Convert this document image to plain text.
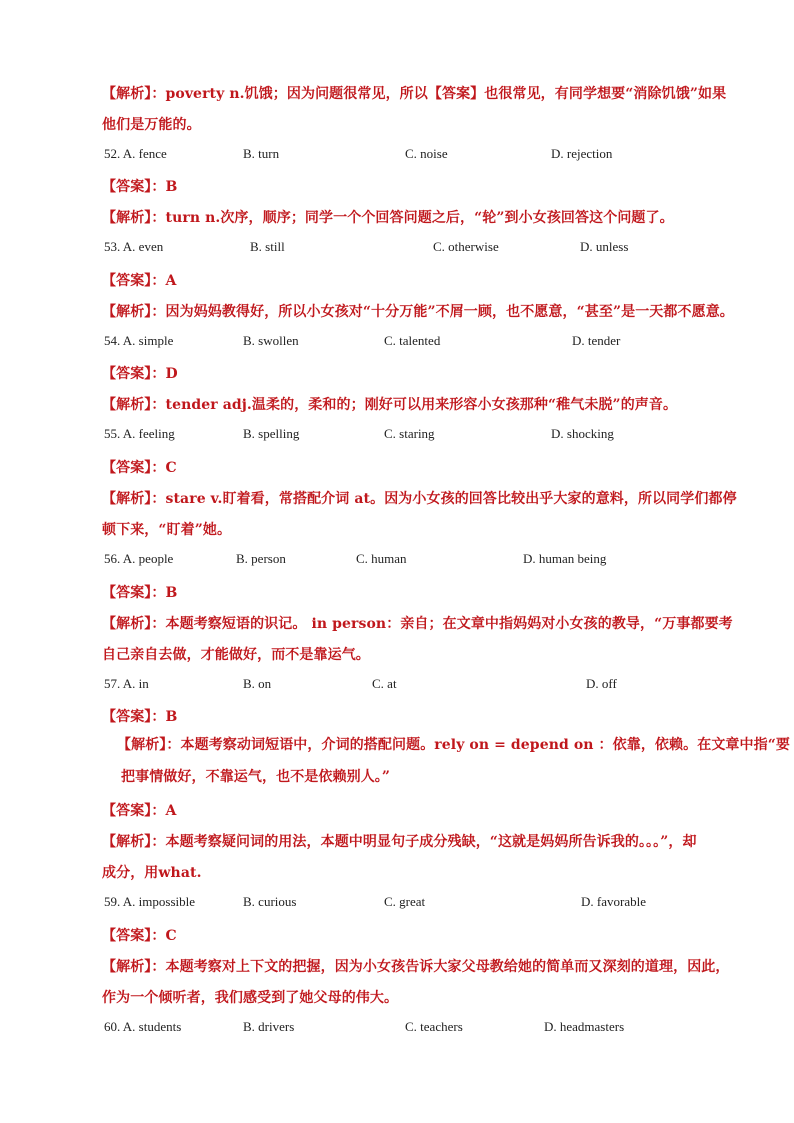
【解析】：poverty n.饥饿；因为问题很常见，所以【答案】也很常见，有同学想要“消除饥饿”如果
他们是万能的。
52. A. fence	B. turn	C. noise	D. rejection
【答案】：B
【解析】：turn n.次序，顺序；同学一个个回答问题之后，“轮”到小女孩回答这个问题了。
53. A. even	B. still	C. otherwise	D. unless
【答案】：A
【解析】：因为妈妈教得好，所以小女孩对“十分万能”不屑一顾，也不愿意，“甚至”是一天都不愿意。
54. A. simple	B. swollen	C. talented	D. tender
【答案】：D
【解析】：tender adj.温柔的，柔和的；刚好可以用来形容小女孩那种“稚气未脱”的声音。
55. A. feeling	B. spelling	C. staring	D. shocking
【答案】：C
【解析】：stare v.盯着看，常搭配介词 at。因为小女孩的回答比较出乎大家的意料，所以同学们都停
顿下来，“盯着”她。
56. A. people	B. person	C. human	D. human being
【答案】：B
【解析】：本题考察短语的识记。 in person：亲自；在文章中指妈妈对小女孩的教导，“万事都要考
自己亲自去做，才能做好，而不是靠运气。
57. A. in	B. on	C. at	D. off
【答案】：B
【解析】：本题考察动词短语中，介词的搭配问题。rely on = depend on ：依靠，依赖。在文章中指“要
把事情做好，不靠运气，也不是依赖别人。”
【答案】：A
【解析】：本题考察疑问词的用法，本题中明显句子成分残缺，“这就是妈妈所告诉我的。。。”，却
成分，用what.
59. A. impossible	B. curious	C. great	D. favorable
【答案】：C
【解析】：本题考察对上下文的把握，因为小女孩告诉大家父母教给她的简单而又深刻的道理，因此，
作为一个倾听者，我们感受到了她父母的伟大。
60. A. students	B. drivers	C. teachers	D. headmasters
